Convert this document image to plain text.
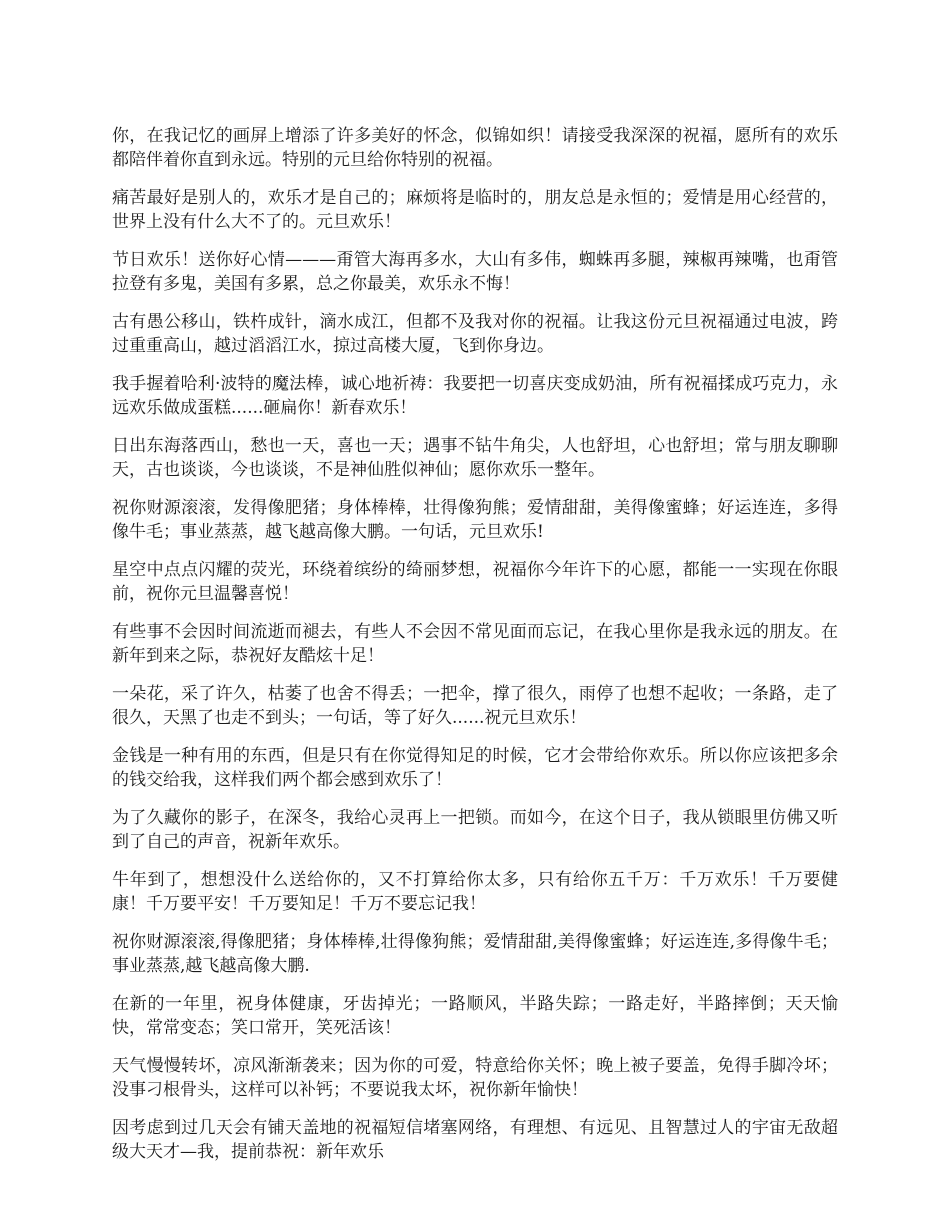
你，在我记忆的画屏上增添了许多美好的怀念，似锦如织！请接受我深深的祝福，愿所有的欢乐都陪伴着你直到永远。特别的元旦给你特别的祝福。

痛苦最好是别人的，欢乐才是自己的；麻烦将是临时的，朋友总是永恒的；爱情是用心经营的，世界上没有什么大不了的。元旦欢乐！

节日欢乐！送你好心情———甭管大海再多水，大山有多伟，蜘蛛再多腿，辣椒再辣嘴，也甭管拉登有多鬼，美国有多累，总之你最美，欢乐永不悔！

古有愚公移山，铁杵成针，滴水成江，但都不及我对你的祝福。让我这份元旦祝福通过电波，跨过重重高山，越过滔滔江水，掠过高楼大厦，飞到你身边。

我手握着哈利·波特的魔法棒，诚心地祈祷：我要把一切喜庆变成奶油，所有祝福揉成巧克力，永远欢乐做成蛋糕......砸扁你！新春欢乐！

日出东海落西山，愁也一天，喜也一天；遇事不钻牛角尖，人也舒坦，心也舒坦；常与朋友聊聊天，古也谈谈，今也谈谈，不是神仙胜似神仙；愿你欢乐一整年。

祝你财源滚滚，发得像肥猪；身体棒棒，壮得像狗熊；爱情甜甜，美得像蜜蜂；好运连连，多得像牛毛；事业蒸蒸，越飞越高像大鹏。一句话，元旦欢乐!

星空中点点闪耀的荧光，环绕着缤纷的绮丽梦想，祝福你今年许下的心愿，都能一一实现在你眼前，祝你元旦温馨喜悦！

有些事不会因时间流逝而褪去，有些人不会因不常见面而忘记，在我心里你是我永远的朋友。在新年到来之际，恭祝好友酷炫十足！

一朵花，采了许久，枯萎了也舍不得丢；一把伞，撑了很久，雨停了也想不起收；一条路，走了很久，天黑了也走不到头；一句话，等了好久......祝元旦欢乐！

金钱是一种有用的东西，但是只有在你觉得知足的时候，它才会带给你欢乐。所以你应该把多余的钱交给我，这样我们两个都会感到欢乐了！

为了久藏你的影子，在深冬，我给心灵再上一把锁。而如今，在这个日子，我从锁眼里仿佛又听到了自己的声音，祝新年欢乐。

牛年到了，想想没什么送给你的，又不打算给你太多，只有给你五千万：千万欢乐！千万要健康！千万要平安！千万要知足！千万不要忘记我！

祝你财源滚滚,得像肥猪；身体棒棒,壮得像狗熊；爱情甜甜,美得像蜜蜂；好运连连,多得像牛毛；事业蒸蒸,越飞越高像大鹏.

在新的一年里，祝身体健康，牙齿掉光；一路顺风，半路失踪；一路走好，半路摔倒；天天愉快，常常变态；笑口常开，笑死活该！

天气慢慢转坏，凉风渐渐袭来；因为你的可爱，特意给你关怀；晚上被子要盖，免得手脚冷坏；没事刁根骨头，这样可以补钙；不要说我太坏，祝你新年愉快！

因考虑到过几天会有铺天盖地的祝福短信堵塞网络，有理想、有远见、且智慧过人的宇宙无敌超级大天才—我，提前恭祝：新年欢乐
